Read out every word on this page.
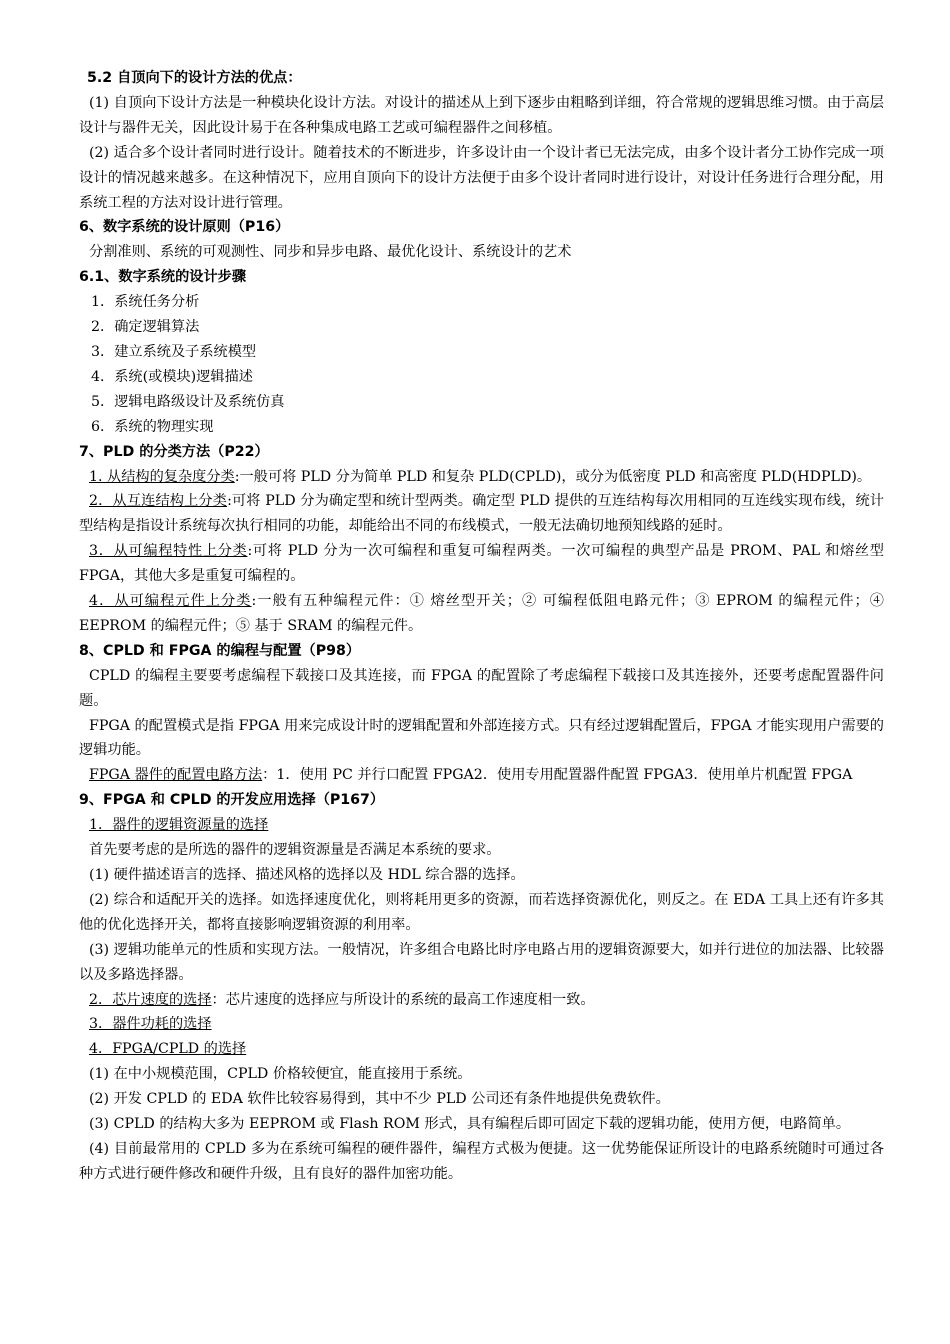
5.2 自顶向下的设计方法的优点：
(1) 自顶向下设计方法是一种模块化设计方法。对设计的描述从上到下逐步由粗略到详细，符合常规的逻辑思维习惯。由于高层设计与器件无关，因此设计易于在各种集成电路工艺或可编程器件之间移植。
(2) 适合多个设计者同时进行设计。随着技术的不断进步，许多设计由一个设计者已无法完成，由多个设计者分工协作完成一项设计的情况越来越多。在这种情况下，应用自顶向下的设计方法便于由多个设计者同时进行设计，对设计任务进行合理分配，用系统工程的方法对设计进行管理。
6、数字系统的设计原则（P16）
分割准则、系统的可观测性、同步和异步电路、最优化设计、系统设计的艺术
6.1、数字系统的设计步骤
1．系统任务分析
2．确定逻辑算法
3．建立系统及子系统模型
4．系统(或模块)逻辑描述
5．逻辑电路级设计及系统仿真
6．系统的物理实现
7、PLD 的分类方法（P22）
1. 从结构的复杂度分类:一般可将 PLD 分为简单 PLD 和复杂 PLD(CPLD)，或分为低密度 PLD 和高密度 PLD(HDPLD)。
2．从互连结构上分类:可将 PLD 分为确定型和统计型两类。确定型 PLD 提供的互连结构每次用相同的互连线实现布线，统计型结构是指设计系统每次执行相同的功能，却能给出不同的布线模式，一般无法确切地预知线路的延时。
3．从可编程特性上分类:可将 PLD 分为一次可编程和重复可编程两类。一次可编程的典型产品是 PROM、PAL 和熔丝型 FPGA，其他大多是重复可编程的。
4．从可编程元件上分类:一般有五种编程元件：① 熔丝型开关；② 可编程低阻电路元件；③ EPROM 的编程元件；④ EEPROM 的编程元件；⑤ 基于 SRAM 的编程元件。
8、CPLD 和 FPGA 的编程与配置（P98）
CPLD 的编程主要要考虑编程下载接口及其连接，而 FPGA 的配置除了考虑编程下载接口及其连接外，还要考虑配置器件问题。
FPGA 的配置模式是指 FPGA 用来完成设计时的逻辑配置和外部连接方式。只有经过逻辑配置后，FPGA 才能实现用户需要的逻辑功能。
FPGA 器件的配置电路方法：1．使用 PC 并行口配置 FPGA2．使用专用配置器件配置 FPGA3．使用单片机配置 FPGA
9、FPGA 和 CPLD 的开发应用选择（P167）
1．器件的逻辑资源量的选择
首先要考虑的是所选的器件的逻辑资源量是否满足本系统的要求。
(1) 硬件描述语言的选择、描述风格的选择以及 HDL 综合器的选择。
(2) 综合和适配开关的选择。如选择速度优化，则将耗用更多的资源，而若选择资源优化，则反之。在 EDA 工具上还有许多其他的优化选择开关，都将直接影响逻辑资源的利用率。
(3) 逻辑功能单元的性质和实现方法。一般情况，许多组合电路比时序电路占用的逻辑资源要大，如并行进位的加法器、比较器以及多路选择器。
2．芯片速度的选择：芯片速度的选择应与所设计的系统的最高工作速度相一致。
3．器件功耗的选择
4．FPGA/CPLD 的选择
(1) 在中小规模范围，CPLD 价格较便宜，能直接用于系统。
(2) 开发 CPLD 的 EDA 软件比较容易得到，其中不少 PLD 公司还有条件地提供免费软件。
(3) CPLD 的结构大多为 EEPROM 或 Flash ROM 形式，具有编程后即可固定下载的逻辑功能，使用方便，电路简单。
(4) 目前最常用的 CPLD 多为在系统可编程的硬件器件，编程方式极为便捷。这一优势能保证所设计的电路系统随时可通过各种方式进行硬件修改和硬件升级，且有良好的器件加密功能。
